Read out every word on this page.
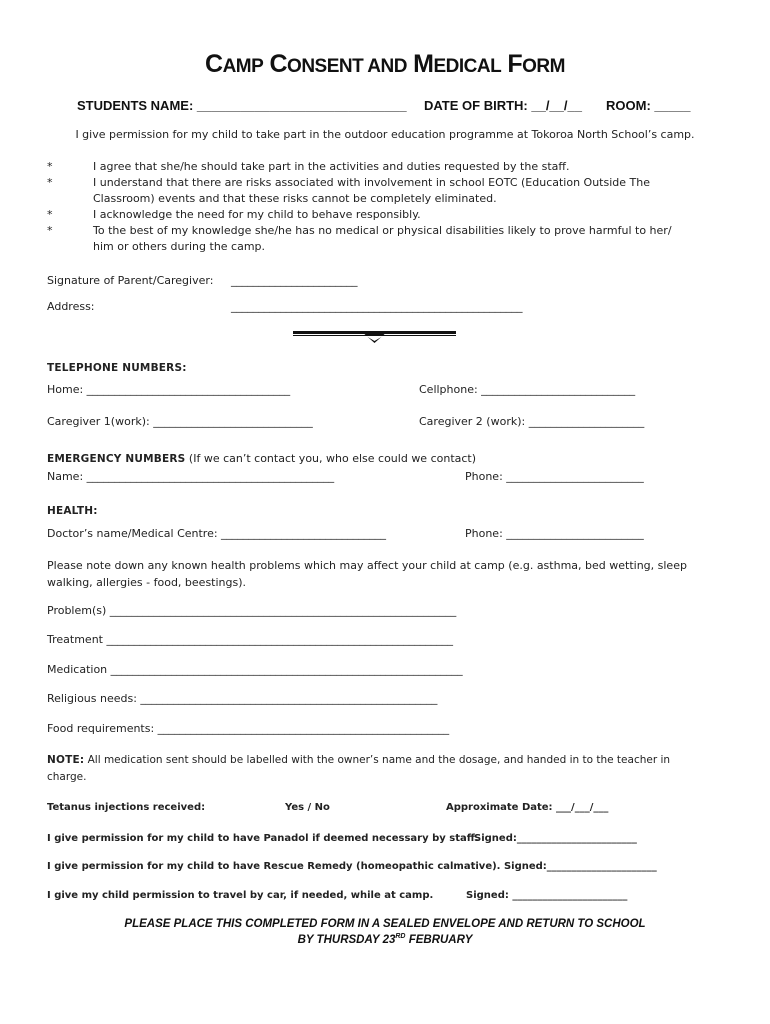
CAMP CONSENT AND MEDICAL FORM
STUDENTS NAME: _____________________________ DATE OF BIRTH: __/__/__ ROOM: _____
I give permission for my child to take part in the outdoor education programme at Tokoroa North School’s camp.
*	I agree that she/he should take part in the activities and duties requested by the staff.
*	I understand that there are risks associated with involvement in school EOTC (Education Outside The
Classroom) events and that these risks cannot be completely eliminated.
*	I acknowledge the need for my child to behave responsibly.
*	To the best of my knowledge she/he has no medical or physical disabilities likely to prove harmful to her/
him or others during the camp.
Signature of Parent/Caregiver: _______________________
Address:	_____________________________________________________
TELEPHONE NUMBERS:
Home: _____________________________________	Cellphone: ____________________________
Caregiver 1(work): _____________________________	Caregiver 2 (work): _____________________
EMERGENCY NUMBERS (If we can’t contact you, who else could we contact)
Name: _____________________________________________	Phone: _________________________
HEALTH:
Doctor’s name/Medical Centre: ______________________________	Phone: _________________________
Please note down any known health problems which may affect your child at camp (e.g. asthma, bed wetting, sleep
walking, allergies - food, beestings).
Problem(s) _______________________________________________________________
Treatment _______________________________________________________________
Medication ________________________________________________________________
Religious needs: ______________________________________________________
Food requirements: _____________________________________________________
NOTE: All medication sent should be labelled with the owner’s name and the dosage, and handed in to the teacher in
charge.
Tetanus injections received:	Yes / No	Approximate Date: ___/___/___
I give permission for my child to have Panadol if deemed necessary by staff.
Signed:________________________
I give permission for my child to have Rescue Remedy (homeopathic calmative). Signed:______________________
I give my child permission to travel by car, if needed, while at camp.	Signed: _______________________
PLEASE PLACE THIS COMPLETED FORM IN A SEALED ENVELOPE AND RETURN TO SCHOOL
BY THURSDAY 23RD FEBRUARY
